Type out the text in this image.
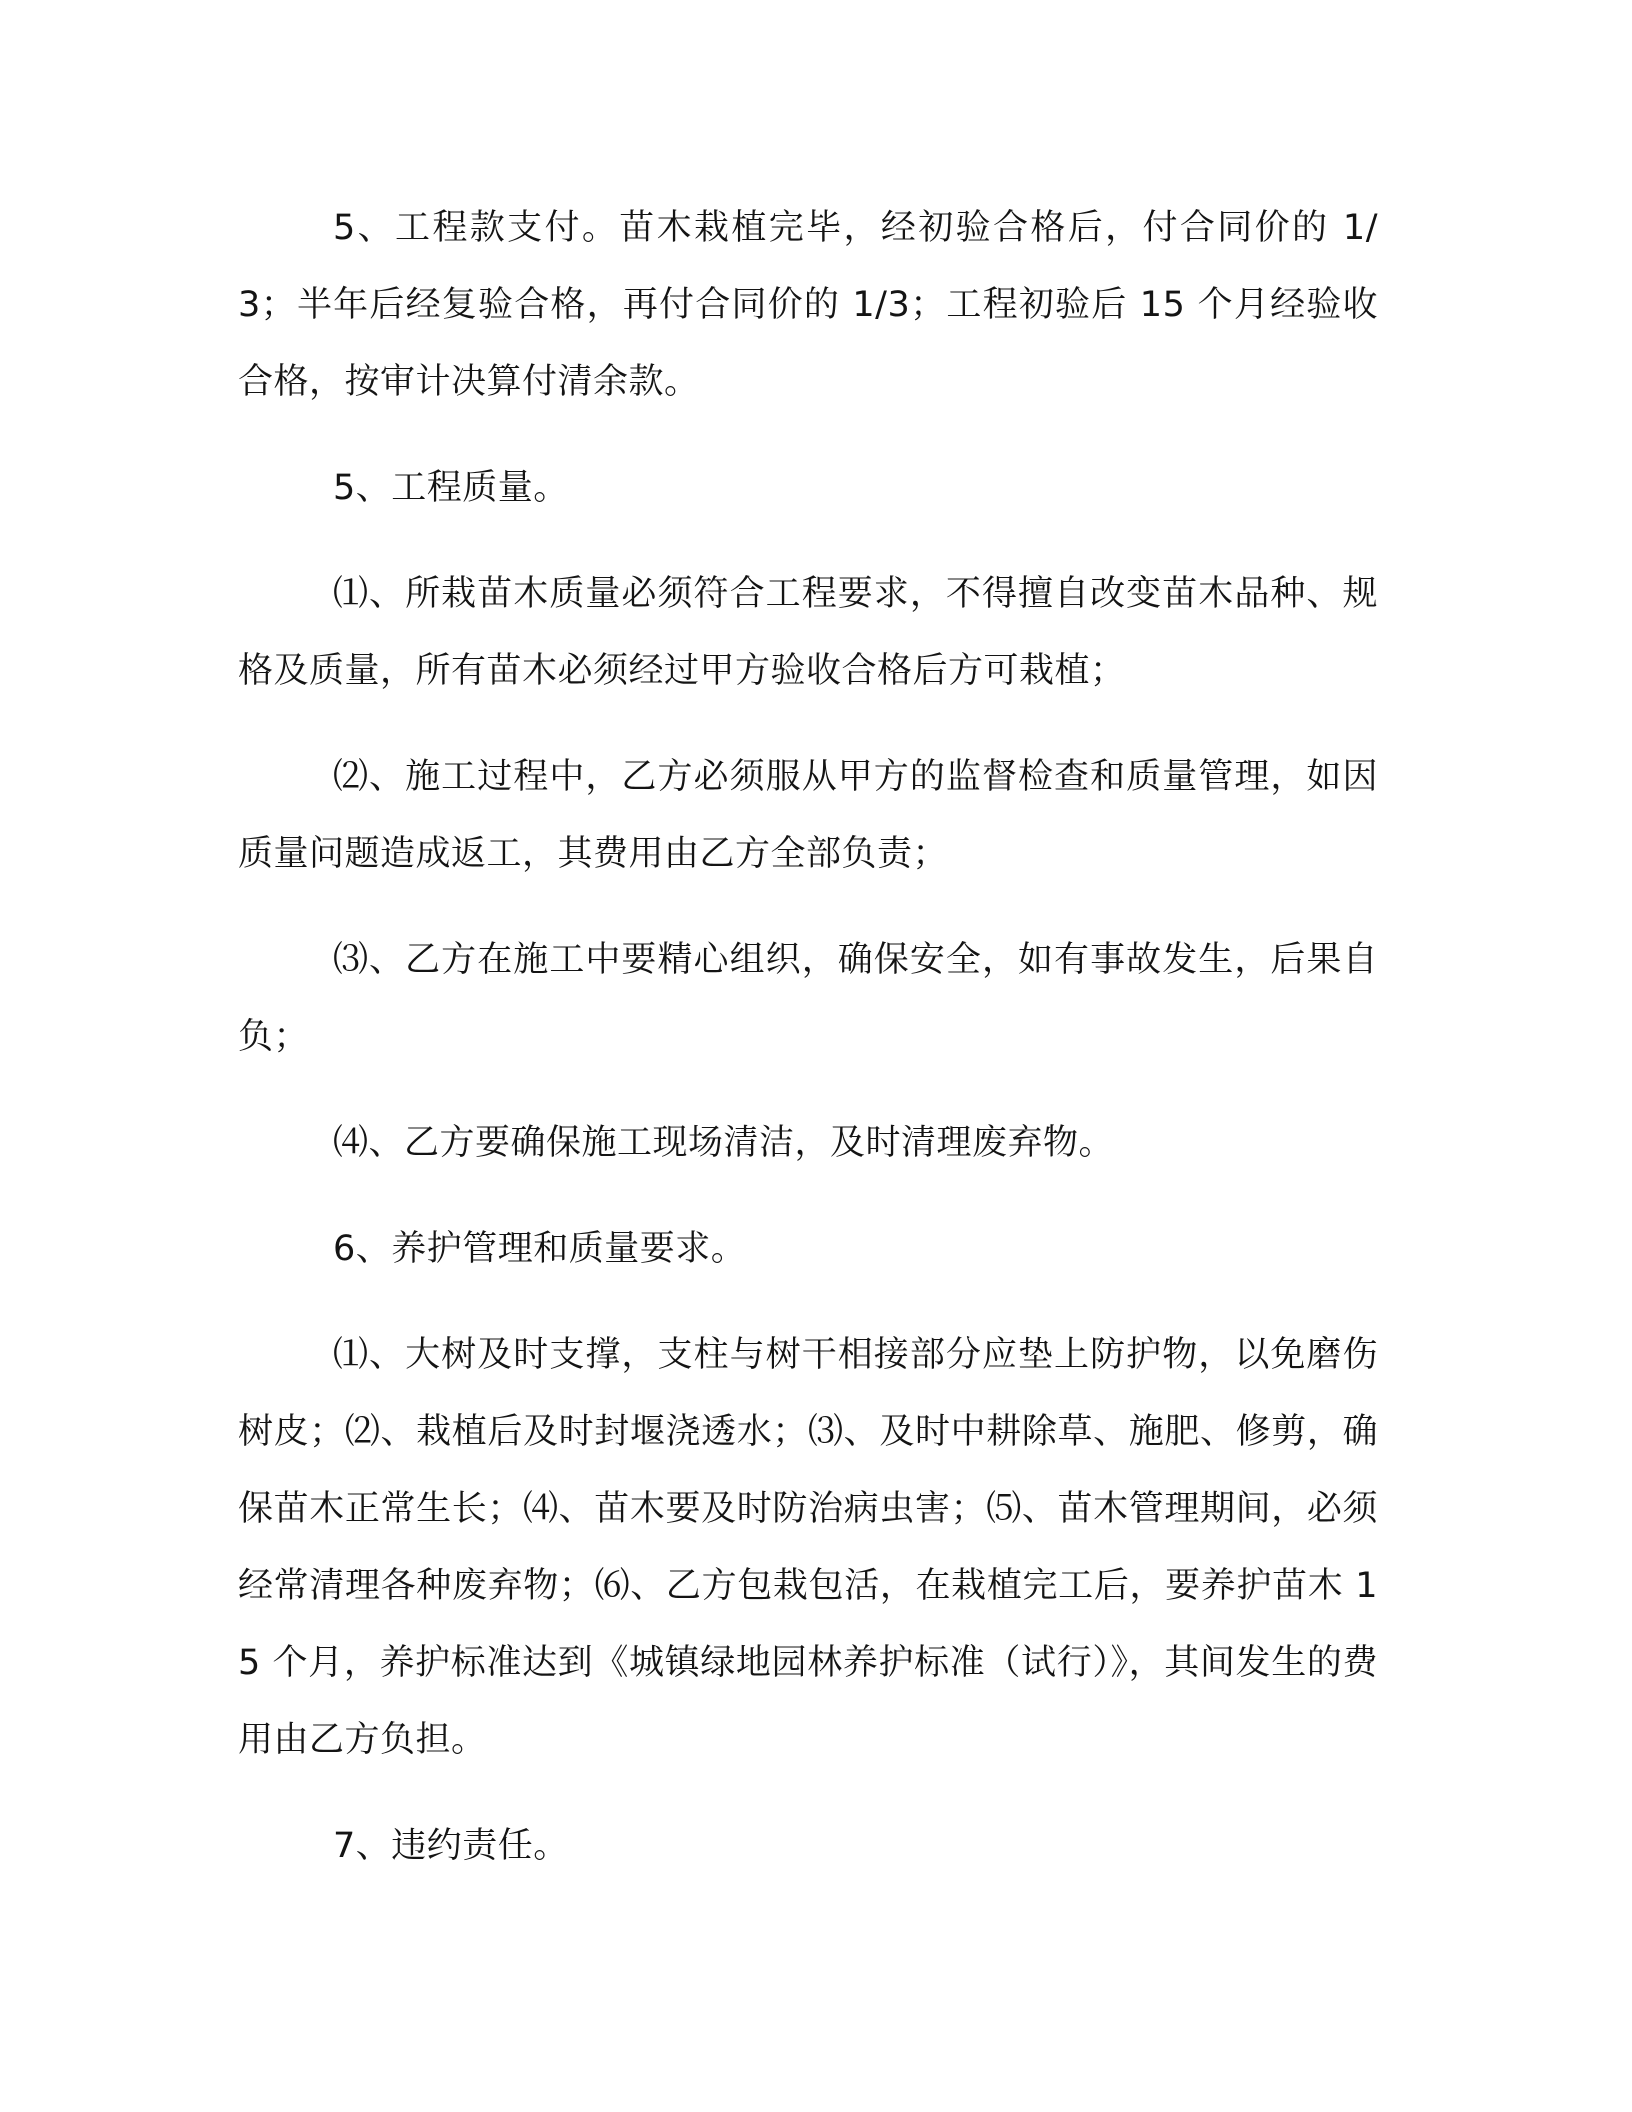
5、工程款支付。苗木栽植完毕，经初验合格后，付合同价的 1/3；半年后经复验合格，再付合同价的 1/3；工程初验后 15 个月经验收合格，按审计决算付清余款。

5、工程质量。

⑴、所栽苗木质量必须符合工程要求，不得擅自改变苗木品种、规格及质量，所有苗木必须经过甲方验收合格后方可栽植；

⑵、施工过程中，乙方必须服从甲方的监督检查和质量管理，如因质量问题造成返工，其费用由乙方全部负责；

⑶、乙方在施工中要精心组织，确保安全，如有事故发生，后果自负；

⑷、乙方要确保施工现场清洁，及时清理废弃物。

6、养护管理和质量要求。

⑴、大树及时支撑，支柱与树干相接部分应垫上防护物，以免磨伤树皮；⑵、栽植后及时封堰浇透水；⑶、及时中耕除草、施肥、修剪，确保苗木正常生长；⑷、苗木要及时防治病虫害；⑸、苗木管理期间，必须经常清理各种废弃物；⑹、乙方包栽包活，在栽植完工后，要养护苗木 15 个月，养护标准达到《城镇绿地园林养护标准（试行）》，其间发生的费用由乙方负担。

7、违约责任。
